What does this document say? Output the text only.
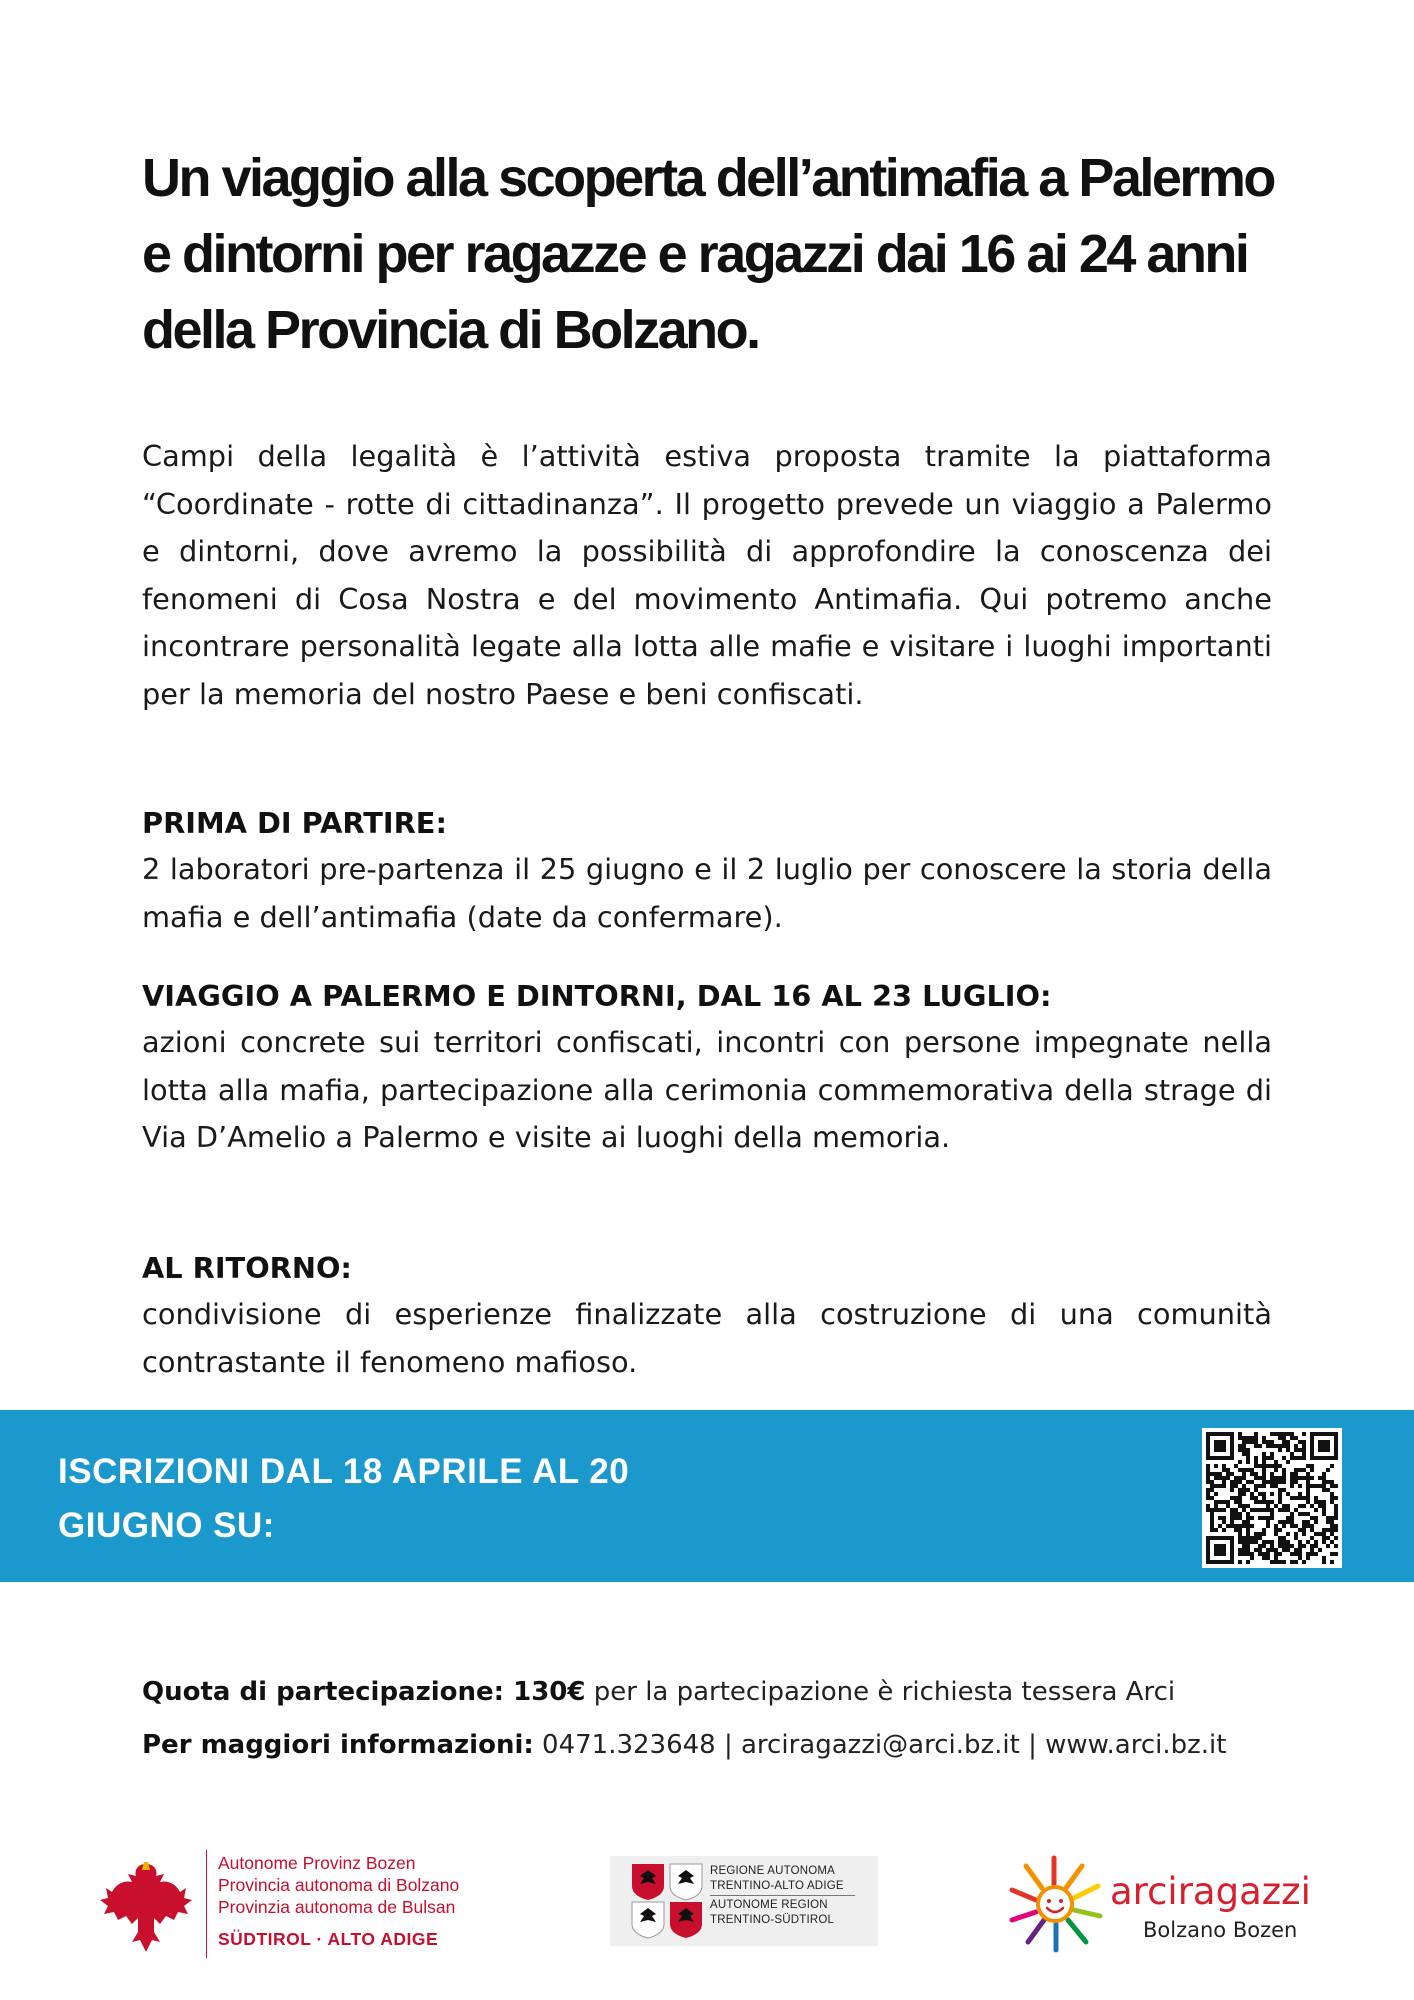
Un viaggio alla scoperta dell’antimafia a Palermo
e dintorni per ragazze e ragazzi dai 16 ai 24 anni
della Provincia di Bolzano.

Campi della legalità è l’attività estiva proposta tramite la piattaforma “Coordinate - rotte di cittadinanza”. Il progetto prevede un viaggio a Palermo e dintorni, dove avremo la possibilità di approfondire la conoscenza dei fenomeni di Cosa Nostra e del movimento Antimafia. Qui potremo anche incontrare personalità legate alla lotta alle mafie e visitare i luoghi importanti per la memoria del nostro Paese e beni confiscati.

PRIMA DI PARTIRE:

2 laboratori pre-partenza il 25 giugno e il 2 luglio per conoscere la storia della mafia e dell’antimafia (date da confermare).

VIAGGIO A PALERMO E DINTORNI, DAL 16 AL 23 LUGLIO:

azioni concrete sui territori confiscati, incontri con persone impegnate nella lotta alla mafia, partecipazione alla cerimonia commemorativa della strage di Via D’Amelio a Palermo e visite ai luoghi della memoria.

AL RITORNO:

condivisione di esperienze finalizzate alla costruzione di una comunità contrastante il fenomeno mafioso.

ISCRIZIONI DAL 18 APRILE AL 20
GIUGNO SU:

Quota di partecipazione: 130€ per la partecipazione è richiesta tessera Arci

Per maggiori informazioni: 0471.323648 | arciragazzi@arci.bz.it | www.arci.bz.it

Autonome Provinz Bozen
Provincia autonoma di Bolzano
Provinzia autonoma de Bulsan
SÜDTIROL · ALTO ADIGE
REGIONE AUTONOMA
TRENTINO-ALTO ADIGE
AUTONOME REGION
TRENTINO-SÜDTIROL
arciragazzi
Bolzano Bozen
